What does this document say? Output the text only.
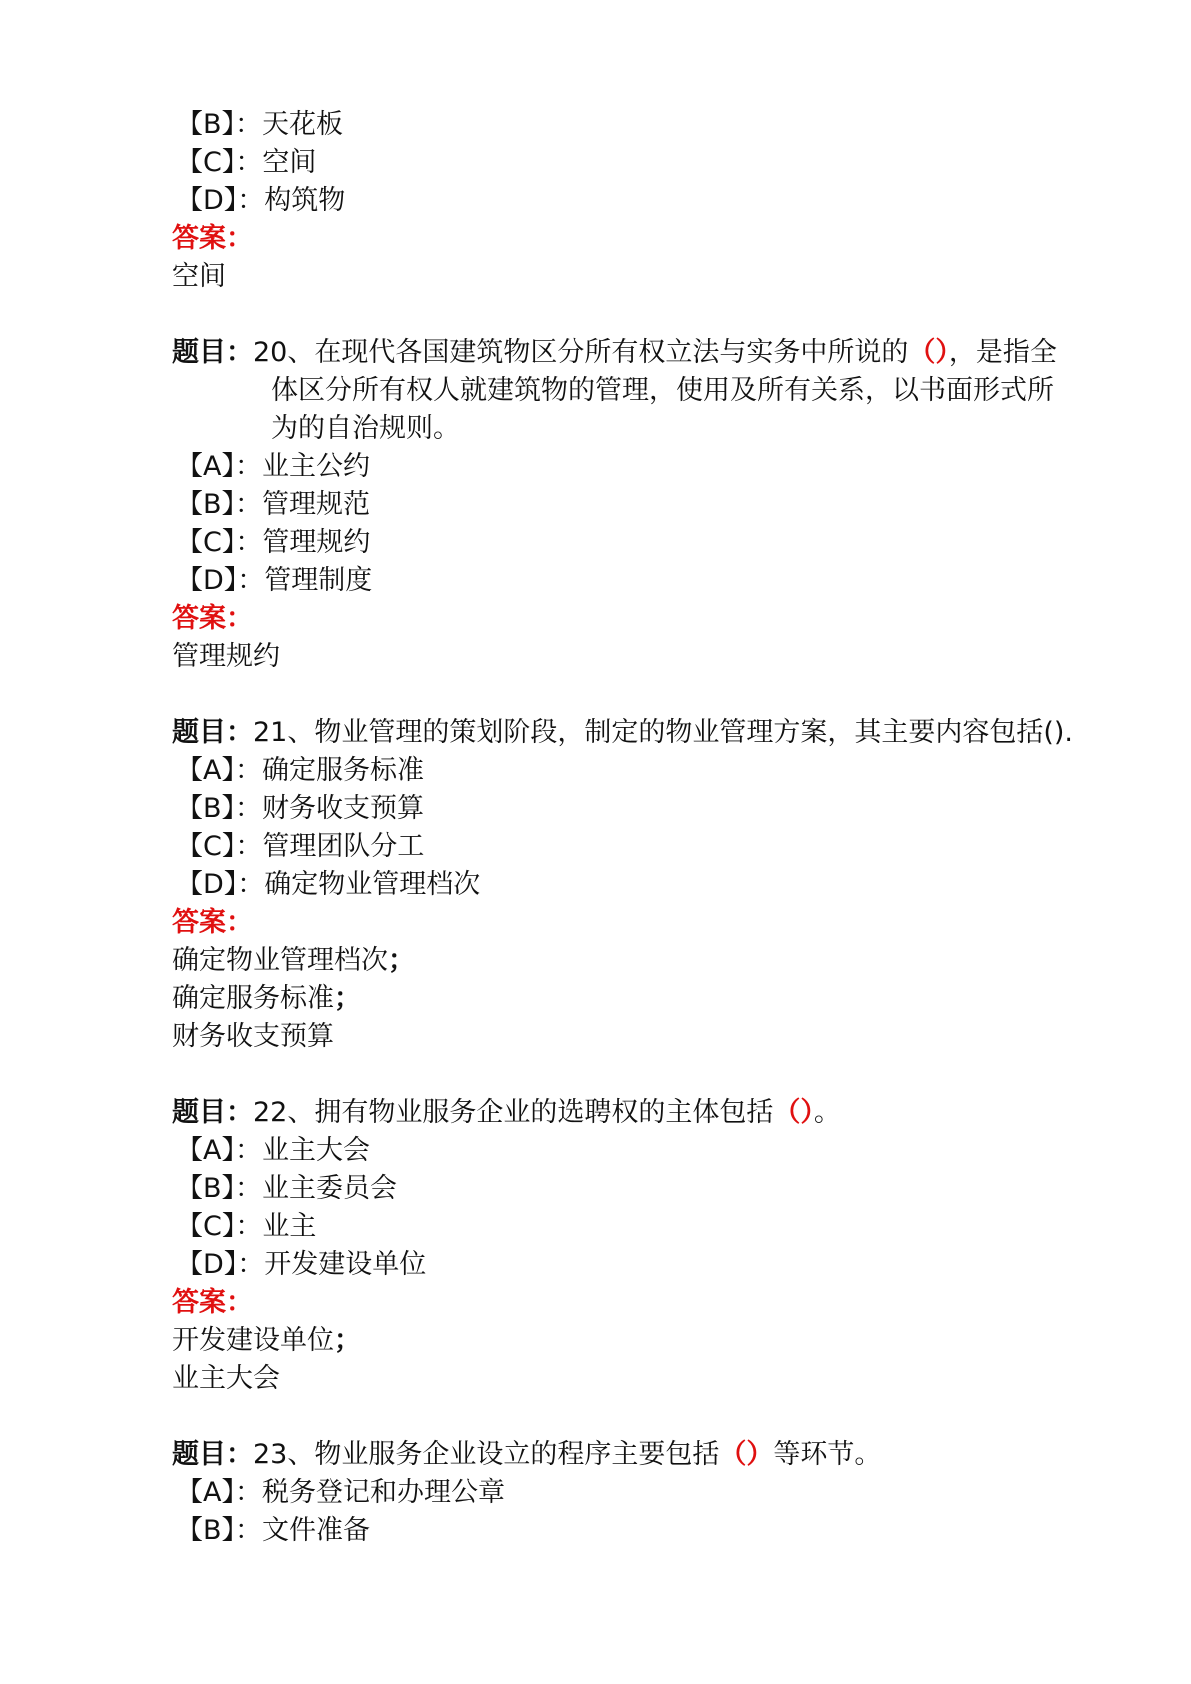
【B】：天花板
【C】：空间
【D】：构筑物
答案：
空间
题目： 20、在现代各国建筑物区分所有权立法与实务中所说的（），是指全
体区分所有权人就建筑物的管理，使用及所有关系，以书面形式所
为的自治规则。
【A】：业主公约
【B】：管理规范
【C】：管理规约
【D】：管理制度
答案：
管理规约
题目：21、物业管理的策划阶段，制定的物业管理方案，其主要内容包括().
【A】：确定服务标准
【B】：财务收支预算
【C】：管理团队分工
【D】：确定物业管理档次
答案：
确定物业管理档次；
确定服务标准；
财务收支预算
题目：22、拥有物业服务企业的选聘权的主体包括（）。
【A】：业主大会
【B】：业主委员会
【C】：业主
【D】：开发建设单位
答案：
开发建设单位；
业主大会
题目：23、物业服务企业设立的程序主要包括（）等环节。
【A】：税务登记和办理公章
【B】：文件准备
